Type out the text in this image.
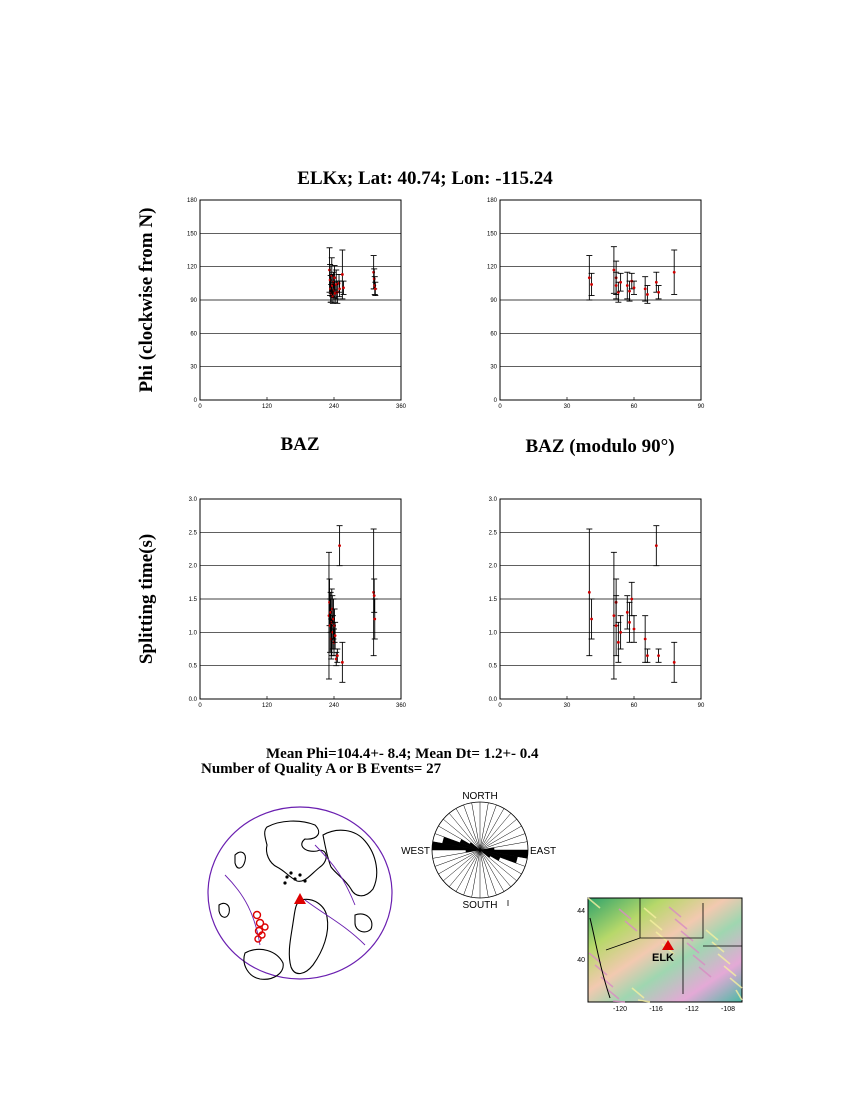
ELKx; Lat: 40.74; Lon: -115.24
Phi (clockwise from N)
Splitting time(s)
0
30
60
90
120
150
180
0	120	240	360
0
30
60
90
120
150
180
0	30	60	90
0.0
0.5
1.0
1.5
2.0
2.5
3.0
0	120	240	360
0.0
0.5
1.0
1.5
2.0
2.5
3.0
0	30	60	90
BAZ	BAZ (modulo 90°)
Mean Phi=104.4+- 8.4; Mean Dt= 1.2+- 0.4
Number of Quality A or B Events= 27
NORTH
SOUTH
WEST	EAST
ELK
44
40
-120	-116	-112	-108
